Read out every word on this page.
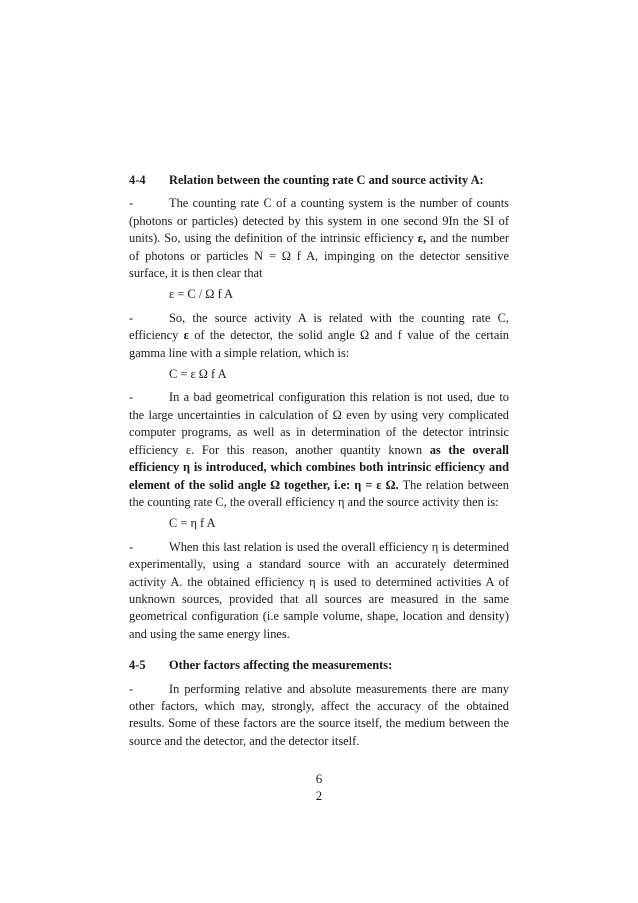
4-4	Relation between the counting rate C and source activity A:

-	The counting rate C of a counting system is the number of counts (photons or particles) detected by this system in one second 9In the SI of units). So, using the definition of the intrinsic efficiency ε, and the number of photons or particles N = Ω f A, impinging on the detector sensitive surface, it is then clear that

ε = C / Ω f A

-	So, the source activity A is related with the counting rate C, efficiency ε of the detector, the solid angle Ω and f value of the certain gamma line with a simple relation, which is:

C = ε Ω f A

-	In a bad geometrical configuration this relation is not used, due to the large uncertainties in calculation of Ω even by using very complicated computer programs, as well as in determination of the detector intrinsic efficiency ε. For this reason, another quantity known as the overall efficiency η is introduced, which combines both intrinsic efficiency and element of the solid angle Ω together, i.e: η = ε Ω. The relation between the counting rate C, the overall efficiency η and the source activity then is:

C = η f A

-	When this last relation is used the overall efficiency η is determined experimentally, using a standard source with an accurately determined activity A. the obtained efficiency η is used to determined activities A of unknown sources, provided that all sources are measured in the same geometrical configuration (i.e sample volume, shape, location and density) and using the same energy lines.

4-5	Other factors affecting the measurements:

-	In performing relative and absolute measurements there are many other factors, which may, strongly, affect the accuracy of the obtained results. Some of these factors are the source itself, the medium between the source and the detector, and the detector itself.

6
2
